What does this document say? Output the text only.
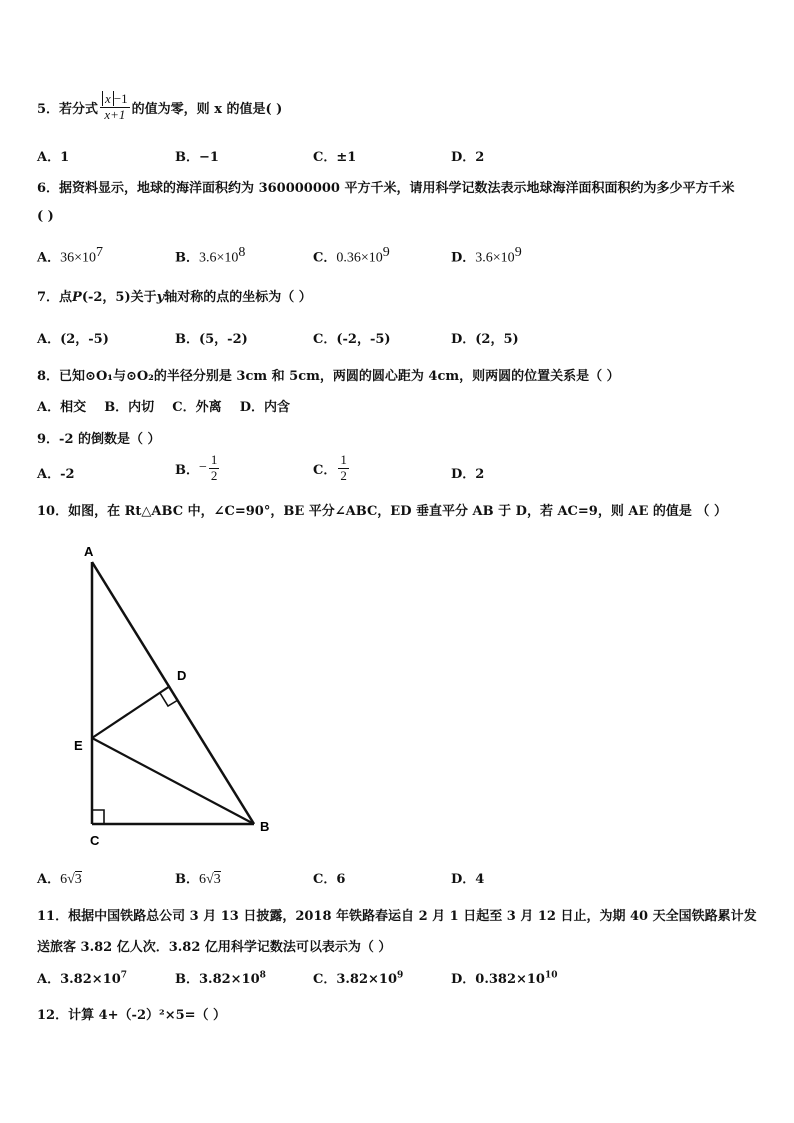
5．若分式 $\frac{x -1}{x+1}$ 的值为零，则 x 的值是( )
A．1	B．−1	C．±1	D．2
6．据资料显示，地球的海洋面积约为 360000000 平方千米，请用科学记数法表示地球海洋面积面积约为多少平方千米
( )
A．$36\times 10^7$	B．$3.6\times 10^8$	C．$0.36\times 10^9$	D．$3.6\times 10^9$
7．点P(-2，5)关于y轴对称的点的坐标为（ ）
A．(2，-5)	B．(5，-2)	C．(-2，-5)	D．(2，5)
8．已知⊙O₁与⊙O₂的半径分别是 3cm 和 5cm，两圆的圆心距为 4cm，则两圆的位置关系是（ ）
A．相交    B．内切    C．外离    D．内含
9．-2 的倒数是（ ）
A．-2	B． − $\frac{1}{2}$	C． $\frac{1}{2}$	D．2
10．如图，在 Rt△ABC 中，∠C=90°，BE 平分∠ABC，ED 垂直平分 AB 于 D，若 AC=9，则 AE 的值是 （ ）
A
D
E
C
B
A．6√3	B．6√3	C．6	D．4
11．根据中国铁路总公司 3 月 13 日披露，2018 年铁路春运自 2 月 1 日起至 3 月 12 日止，为期 40 天全国铁路累计发
送旅客 3.82 亿人次．3.82 亿用科学记数法可以表示为（ ）
A．$3.82\times 10^7$	B．$3.82\times 10^8$	C．$3.82\times 10^9$	D．$0.382\times 10^{10}$
12．计算 4+（-2）²×5=（ ）
